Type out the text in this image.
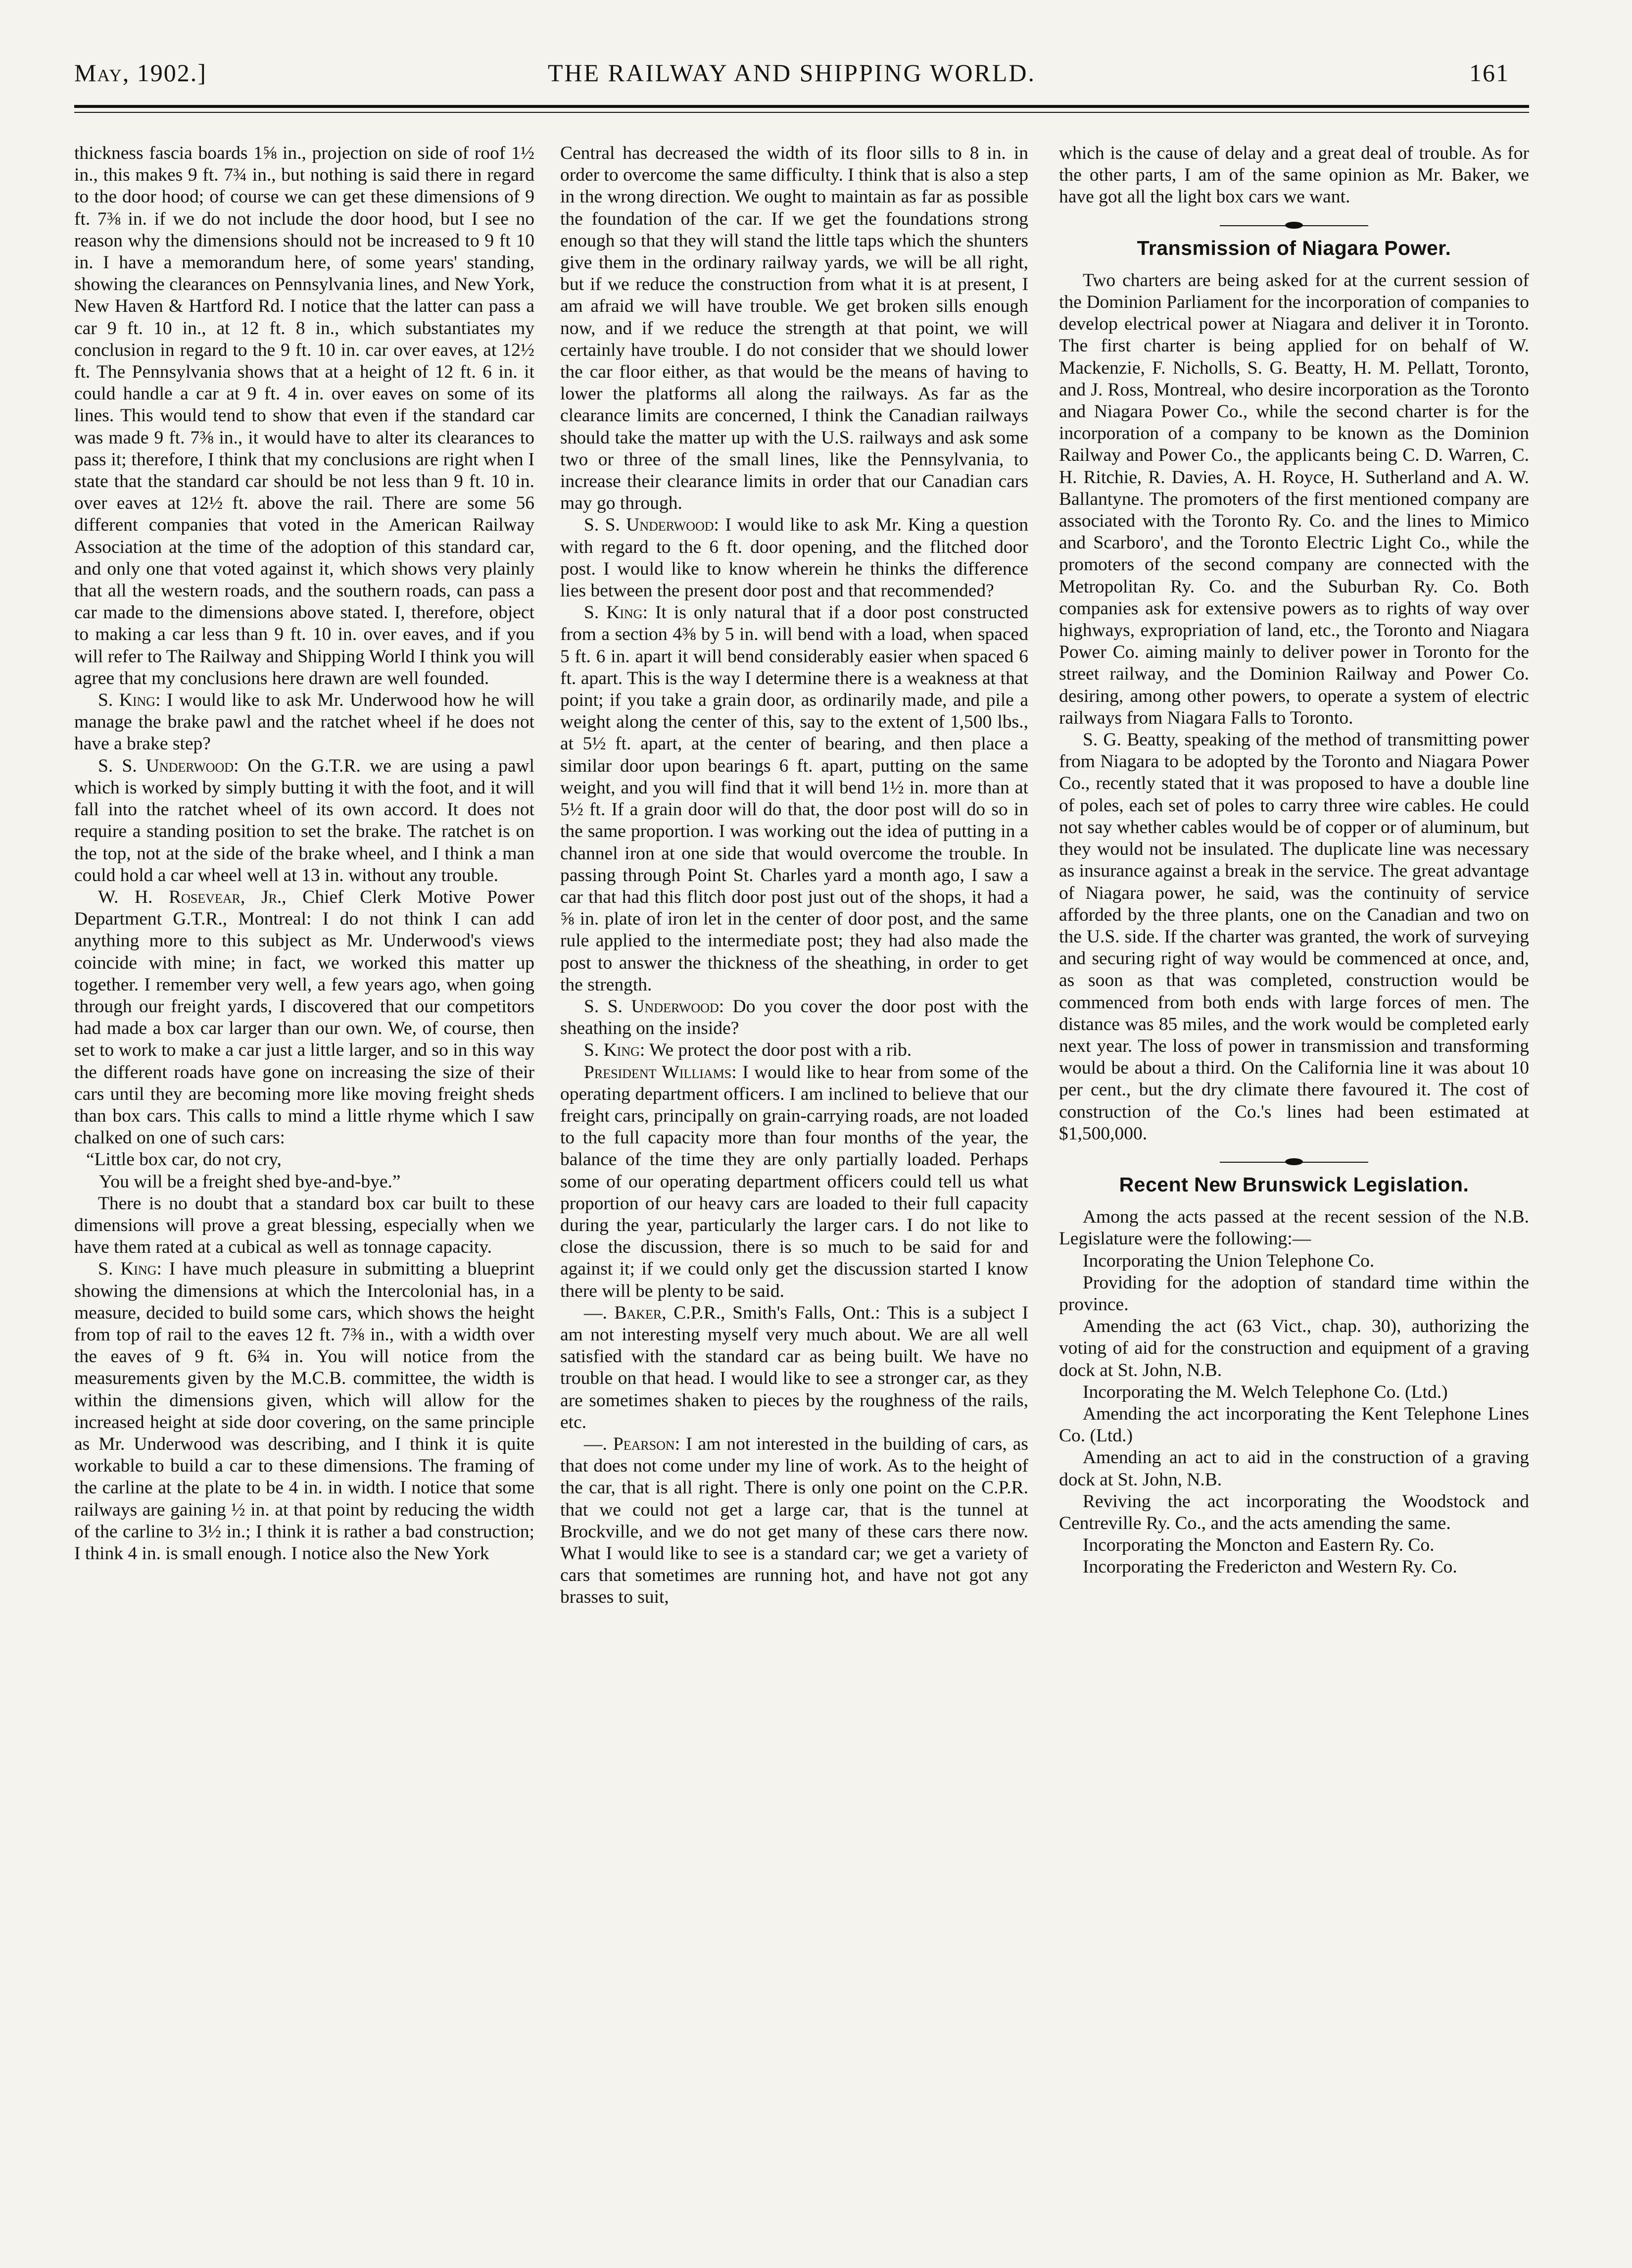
May, 1902.]	THE RAILWAY AND SHIPPING WORLD.	161

thickness fascia boards 1⅝ in., projection on side of roof 1½ in., this makes 9 ft. 7¾ in., but nothing is said there in regard to the door hood; of course we can get these dimensions of 9 ft. 7⅜ in. if we do not include the door hood, but I see no reason why the dimensions should not be increased to 9 ft 10 in. I have a memorandum here, of some years' standing, showing the clearances on Pennsylvania lines, and New York, New Haven & Hartford Rd. I notice that the latter can pass a car 9 ft. 10 in., at 12 ft. 8 in., which substantiates my conclusion in regard to the 9 ft. 10 in. car over eaves, at 12½ ft. The Pennsylvania shows that at a height of 12 ft. 6 in. it could handle a car at 9 ft. 4 in. over eaves on some of its lines. This would tend to show that even if the standard car was made 9 ft. 7⅜ in., it would have to alter its clearances to pass it; therefore, I think that my conclusions are right when I state that the standard car should be not less than 9 ft. 10 in. over eaves at 12½ ft. above the rail. There are some 56 different companies that voted in the American Railway Association at the time of the adoption of this standard car, and only one that voted against it, which shows very plainly that all the western roads, and the southern roads, can pass a car made to the dimensions above stated. I, therefore, object to making a car less than 9 ft. 10 in. over eaves, and if you will refer to The Railway and Shipping World I think you will agree that my conclusions here drawn are well founded.

S. King: I would like to ask Mr. Underwood how he will manage the brake pawl and the ratchet wheel if he does not have a brake step?

S. S. Underwood: On the G.T.R. we are using a pawl which is worked by simply butting it with the foot, and it will fall into the ratchet wheel of its own accord. It does not require a standing position to set the brake. The ratchet is on the top, not at the side of the brake wheel, and I think a man could hold a car wheel well at 13 in. without any trouble.

W. H. Rosevear, Jr., Chief Clerk Motive Power Department G.T.R., Montreal: I do not think I can add anything more to this subject as Mr. Underwood's views coincide with mine; in fact, we worked this matter up together. I remember very well, a few years ago, when going through our freight yards, I discovered that our competitors had made a box car larger than our own. We, of course, then set to work to make a car just a little larger, and so in this way the different roads have gone on increasing the size of their cars until they are becoming more like moving freight sheds than box cars. This calls to mind a little rhyme which I saw chalked on one of such cars:

“Little box car, do not cry,

You will be a freight shed bye-and-bye.”

There is no doubt that a standard box car built to these dimensions will prove a great blessing, especially when we have them rated at a cubical as well as tonnage capacity.

S. King: I have much pleasure in submitting a blueprint showing the dimensions at which the Intercolonial has, in a measure, decided to build some cars, which shows the height from top of rail to the eaves 12 ft. 7⅜ in., with a width over the eaves of 9 ft. 6¾ in. You will notice from the measurements given by the M.C.B. committee, the width is within the dimensions given, which will allow for the increased height at side door covering, on the same principle as Mr. Underwood was describing, and I think it is quite workable to build a car to these dimensions. The framing of the carline at the plate to be 4 in. in width. I notice that some railways are gaining ½ in. at that point by reducing the width of the carline to 3½ in.; I think it is rather a bad construction; I think 4 in. is small enough. I notice also the New York

Central has decreased the width of its floor sills to 8 in. in order to overcome the same difficulty. I think that is also a step in the wrong direction. We ought to maintain as far as possible the foundation of the car. If we get the foundations strong enough so that they will stand the little taps which the shunters give them in the ordinary railway yards, we will be all right, but if we reduce the construction from what it is at present, I am afraid we will have trouble. We get broken sills enough now, and if we reduce the strength at that point, we will certainly have trouble. I do not consider that we should lower the car floor either, as that would be the means of having to lower the platforms all along the railways. As far as the clearance limits are concerned, I think the Canadian railways should take the matter up with the U.S. railways and ask some two or three of the small lines, like the Pennsylvania, to increase their clearance limits in order that our Canadian cars may go through.

S. S. Underwood: I would like to ask Mr. King a question with regard to the 6 ft. door opening, and the flitched door post. I would like to know wherein he thinks the difference lies between the present door post and that recommended?

S. King: It is only natural that if a door post constructed from a section 4⅜ by 5 in. will bend with a load, when spaced 5 ft. 6 in. apart it will bend considerably easier when spaced 6 ft. apart. This is the way I determine there is a weakness at that point; if you take a grain door, as ordinarily made, and pile a weight along the center of this, say to the extent of 1,500 lbs., at 5½ ft. apart, at the center of bearing, and then place a similar door upon bearings 6 ft. apart, putting on the same weight, and you will find that it will bend 1½ in. more than at 5½ ft. If a grain door will do that, the door post will do so in the same proportion. I was working out the idea of putting in a channel iron at one side that would overcome the trouble. In passing through Point St. Charles yard a month ago, I saw a car that had this flitch door post just out of the shops, it had a ⅝ in. plate of iron let in the center of door post, and the same rule applied to the intermediate post; they had also made the post to answer the thickness of the sheathing, in order to get the strength.

S. S. Underwood: Do you cover the door post with the sheathing on the inside?

S. King: We protect the door post with a rib.

President Williams: I would like to hear from some of the operating department officers. I am inclined to believe that our freight cars, principally on grain-carrying roads, are not loaded to the full capacity more than four months of the year, the balance of the time they are only partially loaded. Perhaps some of our operating department officers could tell us what proportion of our heavy cars are loaded to their full capacity during the year, particularly the larger cars. I do not like to close the discussion, there is so much to be said for and against it; if we could only get the discussion started I know there will be plenty to be said.

—. Baker, C.P.R., Smith's Falls, Ont.: This is a subject I am not interesting myself very much about. We are all well satisfied with the standard car as being built. We have no trouble on that head. I would like to see a stronger car, as they are sometimes shaken to pieces by the roughness of the rails, etc.

—. Pearson: I am not interested in the building of cars, as that does not come under my line of work. As to the height of the car, that is all right. There is only one point on the C.P.R. that we could not get a large car, that is the tunnel at Brockville, and we do not get many of these cars there now. What I would like to see is a standard car; we get a variety of cars that sometimes are running hot, and have not got any brasses to suit,

which is the cause of delay and a great deal of trouble. As for the other parts, I am of the same opinion as Mr. Baker, we have got all the light box cars we want.

Transmission of Niagara Power.

Two charters are being asked for at the current session of the Dominion Parliament for the incorporation of companies to develop electrical power at Niagara and deliver it in Toronto. The first charter is being applied for on behalf of W. Mackenzie, F. Nicholls, S. G. Beatty, H. M. Pellatt, Toronto, and J. Ross, Montreal, who desire incorporation as the Toronto and Niagara Power Co., while the second charter is for the incorporation of a company to be known as the Dominion Railway and Power Co., the applicants being C. D. Warren, C. H. Ritchie, R. Davies, A. H. Royce, H. Sutherland and A. W. Ballantyne. The promoters of the first mentioned company are associated with the Toronto Ry. Co. and the lines to Mimico and Scarboro', and the Toronto Electric Light Co., while the promoters of the second company are connected with the Metropolitan Ry. Co. and the Suburban Ry. Co. Both companies ask for extensive powers as to rights of way over highways, expropriation of land, etc., the Toronto and Niagara Power Co. aiming mainly to deliver power in Toronto for the street railway, and the Dominion Railway and Power Co. desiring, among other powers, to operate a system of electric railways from Niagara Falls to Toronto.

S. G. Beatty, speaking of the method of transmitting power from Niagara to be adopted by the Toronto and Niagara Power Co., recently stated that it was proposed to have a double line of poles, each set of poles to carry three wire cables. He could not say whether cables would be of copper or of aluminum, but they would not be insulated. The duplicate line was necessary as insurance against a break in the service. The great advantage of Niagara power, he said, was the continuity of service afforded by the three plants, one on the Canadian and two on the U.S. side. If the charter was granted, the work of surveying and securing right of way would be commenced at once, and, as soon as that was completed, construction would be commenced from both ends with large forces of men. The distance was 85 miles, and the work would be completed early next year. The loss of power in transmission and transforming would be about a third. On the California line it was about 10 per cent., but the dry climate there favoured it. The cost of construction of the Co.'s lines had been estimated at $1,500,000.

Recent New Brunswick Legislation.

Among the acts passed at the recent session of the N.B. Legislature were the following:—

Incorporating the Union Telephone Co.

Providing for the adoption of standard time within the province.

Amending the act (63 Vict., chap. 30), authorizing the voting of aid for the construction and equipment of a graving dock at St. John, N.B.

Incorporating the M. Welch Telephone Co. (Ltd.)

Amending the act incorporating the Kent Telephone Lines Co. (Ltd.)

Amending an act to aid in the construction of a graving dock at St. John, N.B.

Reviving the act incorporating the Woodstock and Centreville Ry. Co., and the acts amending the same.

Incorporating the Moncton and Eastern Ry. Co.

Incorporating the Fredericton and Western Ry. Co.
